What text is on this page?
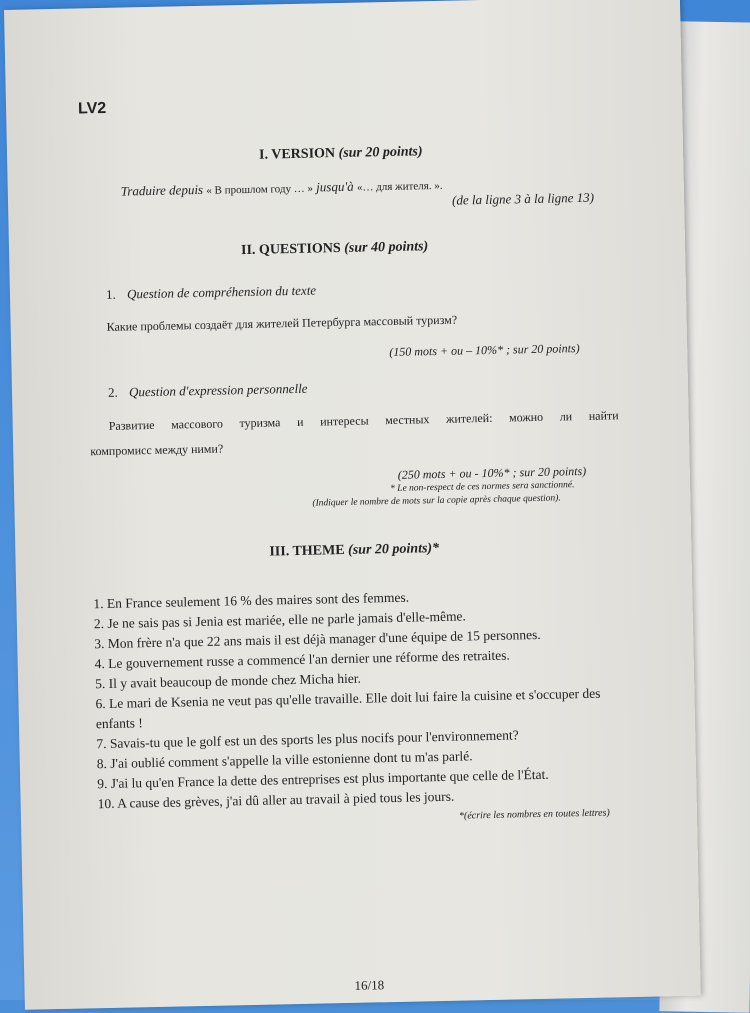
LV2
I. VERSION (sur 20 points)
Traduire depuis « В прошлом году … » jusqu'à «… для жителя. ».
(de la ligne 3 à la ligne 13)
II. QUESTIONS (sur 40 points)
1. Question de compréhension du texte
Какие проблемы создаёт для жителей Петербурга массовый туризм?
(150 mots + ou – 10%* ; sur 20 points)
2. Question d'expression personnelle
Развитие массового туризма и интересы местных жителей: можно ли найти
компромисс между ними?
(250 mots + ou - 10%* ; sur 20 points)
* Le non-respect de ces normes sera sanctionné.
(Indiquer le nombre de mots sur la copie après chaque question).
III. THEME (sur 20 points)*
1. En France seulement 16 % des maires sont des femmes.
2. Je ne sais pas si Jenia est mariée, elle ne parle jamais d'elle-même.
3. Mon frère n'a que 22 ans mais il est déjà manager d'une équipe de 15 personnes.
4. Le gouvernement russe a commencé l'an dernier une réforme des retraites.
5. Il y avait beaucoup de monde chez Micha hier.
6. Le mari de Ksenia ne veut pas qu'elle travaille. Elle doit lui faire la cuisine et s'occuper des
enfants !
7. Savais-tu que le golf est un des sports les plus nocifs pour l'environnement?
8. J'ai oublié comment s'appelle la ville estonienne dont tu m'as parlé.
9. J'ai lu qu'en France la dette des entreprises est plus importante que celle de l'État.
10. A cause des grèves, j'ai dû aller au travail à pied tous les jours.
*(écrire les nombres en toutes lettres)
16/18
